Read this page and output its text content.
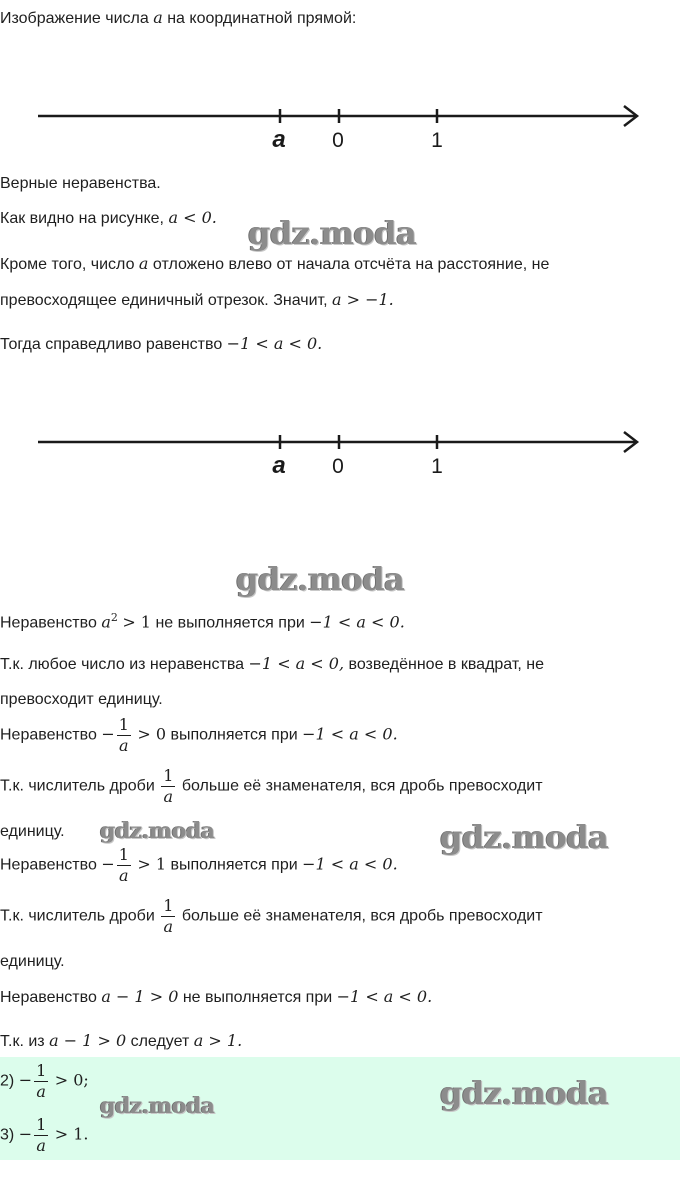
Изображение числа a на координатной прямой:
a 0	1
Верные неравенства.
Как видно на рисунке, a < 0.
Кроме того, число a отложено влево от начала отсчёта на расстояние, не
превосходящее единичный отрезок. Значит, a > −1.
Тогда справедливо равенство −1 < a < 0.
a 0	1
Неравенство $a^2 > 1$ не выполняется при −1 < a < 0.
Т.к. любое число из неравенства −1 < a < 0, возведённое в квадрат, не
превосходит единицу.
Неравенство − $\frac{1}{a} > 0$ выполняется при −1 < a < 0.
Т.к. числитель дроби $\frac{1}{a}$ больше её знаменателя, вся дробь превосходит
единицу.
Неравенство − $\frac{1}{a} > 1$ выполняется при −1 < a < 0.
Т.к. числитель дроби $\frac{1}{a}$ больше её знаменателя, вся дробь превосходит
единицу.
Неравенство a − 1 > 0 не выполняется при −1 < a < 0.
Т.к. из a − 1 > 0 следует a > 1.
$2) - \frac{1}{a} > 0$;
$3) - \frac{1}{a} > 1$.
gdz.moda
gdz.moda
gdz.moda	gdz.moda
gdz.moda
gdz.moda
